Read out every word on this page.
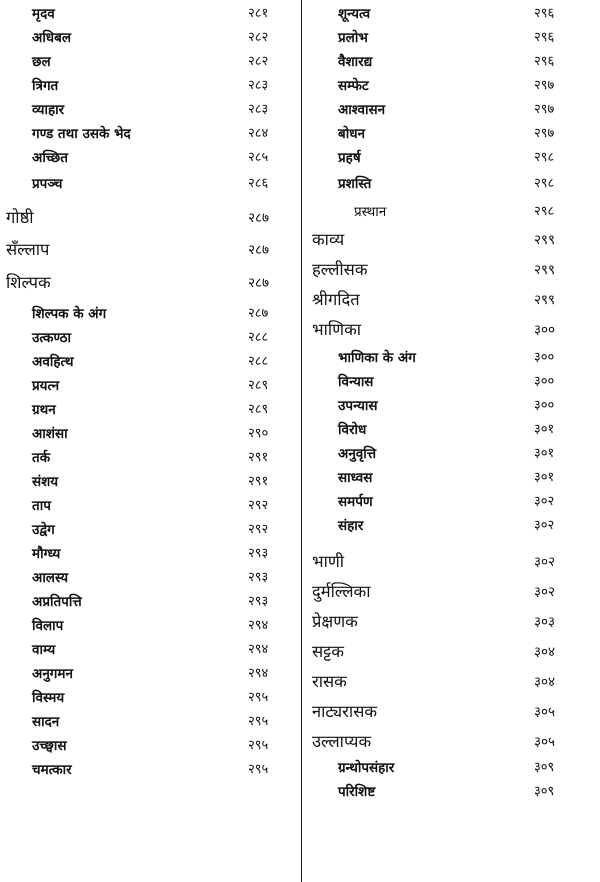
मृदव	२८१
अधिबल	२८२
छल	२८२
त्रिगत	२८३
व्याहार	२८३
गण्ड तथा उसके भेद	२८४
अच्छित	२८५
प्रपञ्च	२८६
गोष्ठी	२८७
सँल्लाप	२८७
शिल्पक	२८७
शिल्पक के अंग	२८७
उत्कण्ठा	२८८
अवहित्थ	२८८
प्रयत्न	२८९
ग्रथन	२८९
आशंसा	२९०
तर्क	२९१
संशय	२९१
ताप	२९२
उद्वेग	२९२
मौग्ध्य	२९३
आलस्य	२९३
अप्रतिपत्ति	२९३
विलाप	२९४
वाम्य	२९४
अनुगमन	२९४
विस्मय	२९५
सादन	२९५
उच्छ्वास	२९५
चमत्कार	२९५
शून्यत्व	२९६
प्रलोभ	२९६
वैशारद्य	२९६
सम्फेट	२९७
आश्वासन	२९७
बोधन	२९७
प्रहर्ष	२९८
प्रशस्ति	२९८
प्रस्थान	२९८
काव्य	२९९
हल्लीसक	२९९
श्रीगदित	२९९
भाणिका	३००
भाणिका के अंग	३००
विन्यास	३००
उपन्यास	३००
विरोध	३०१
अनुवृत्ति	३०१
साध्वस	३०१
समर्पण	३०२
संहार	३०२
भाणी	३०२
दुर्मल्लिका	३०२
प्रेक्षणक	३०३
सट्टक	३०४
रासक	३०४
नाट्यरासक	३०५
उल्लाप्यक	३०५
ग्रन्थोपसंहार	३०९
परिशिष्ट	३०९
